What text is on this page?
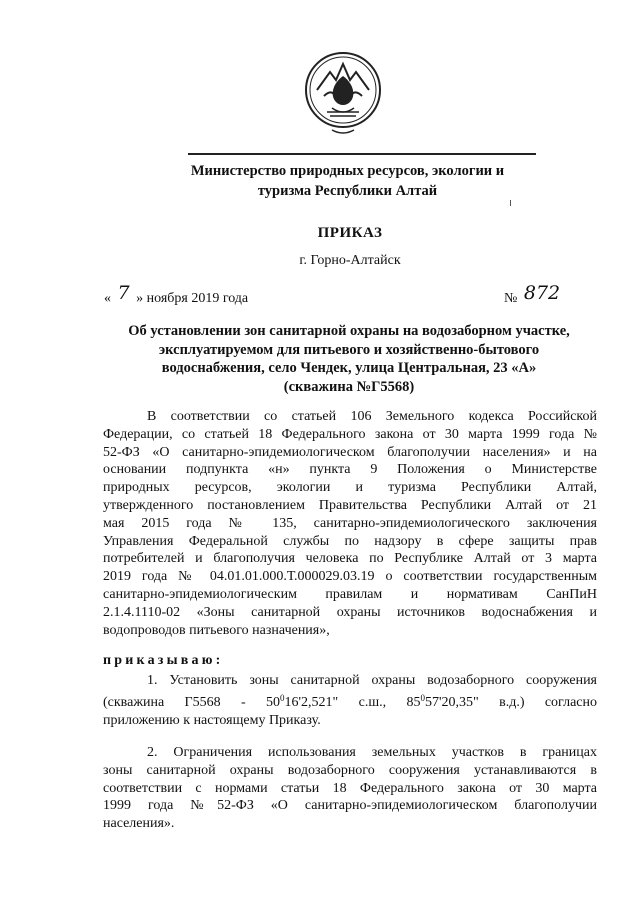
Министерство природных ресурсов, экологии и
туризма Республики Алтай
ПРИКАЗ
г. Горно-Алтайск
« 7 » ноября 2019 года	№ 872
Об установлении зон санитарной охраны на водозаборном участке,
эксплуатируемом для питьевого и хозяйственно-бытового
водоснабжения, село Чендек, улица Центральная, 23 «А»
(скважина №Г5568)
В соответствии со статьей 106 Земельного кодекса Российской
Федерации, со статьей 18 Федерального закона от 30 марта 1999 года №
52-ФЗ «О санитарно-эпидемиологическом благополучии населения» и на
основании подпункта «н» пункта 9 Положения о Министерстве
природных ресурсов, экологии и туризма Республики Алтай,
утвержденного постановлением Правительства Республики Алтай от 21
мая 2015 года № 135, санитарно-эпидемиологического заключения
Управления Федеральной службы по надзору в сфере защиты прав
потребителей и благополучия человека по Республике Алтай от 3 марта
2019 года № 04.01.01.000.Т.000029.03.19 о соответствии государственным
санитарно-эпидемиологическим правилам и нормативам СанПиН
2.1.4.1110-02 «Зоны санитарной охраны источников водоснабжения и
водопроводов питьевого назначения»,
приказываю:
1. Установить зоны санитарной охраны водозаборного сооружения
(скважина $Г5568 - 50^016'2,521$" с.ш., $85^057'20,35$" в.д.) согласно
приложению к настоящему Приказу.
2. Ограничения использования земельных участков в границах
зоны санитарной охраны водозаборного сооружения устанавливаются в
соответствии с нормами статьи 18 Федерального закона от 30 марта
1999 года №52-ФЗ «О санитарно-эпидемиологическом благополучии
населения».
